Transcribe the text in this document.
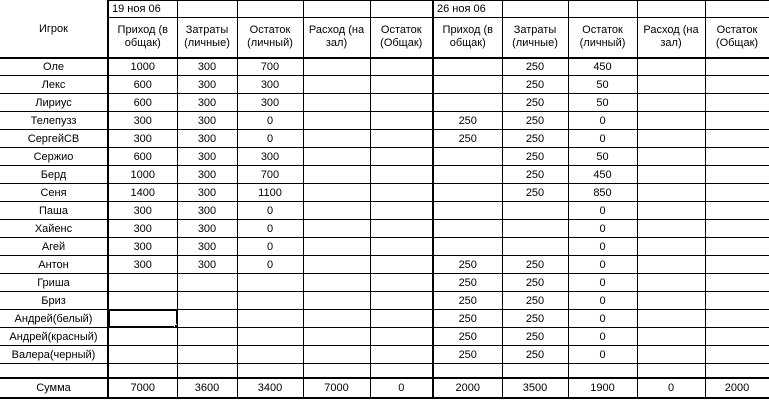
Игрок	19 ноя 06					26 ноя 06				
	Приход (в общак)	Затраты (личные)	Остаток (личный)	Расход (на зал)	Остаток (Общак)	Приход (в общак)	Затраты (личные)	Остаток (личный)	Расход (на зал)	Остаток (Общак)
Оле	1000	300	700				250	450		
Лекс	600	300	300				250	50		
Лириус	600	300	300				250	50		
Телепузз	300	300	0			250	250	0		
СергейСВ	300	300	0			250	250	0		
Сержио	600	300	300				250	50		
Берд	1000	300	700				250	450		
Сеня	1400	300	1100				250	850		
Паша	300	300	0					0		
Хайенс	300	300	0					0		
Агей	300	300	0					0		
Антон	300	300	0			250	250	0		
Гриша						250	250	0		
Бриз						250	250	0		
Андрей(белый)						250	250	0		
Андрей(красный)						250	250	0		
Валера(черный)						250	250	0		

Сумма	7000	3600	3400	7000	0	2000	3500	1900	0	2000
